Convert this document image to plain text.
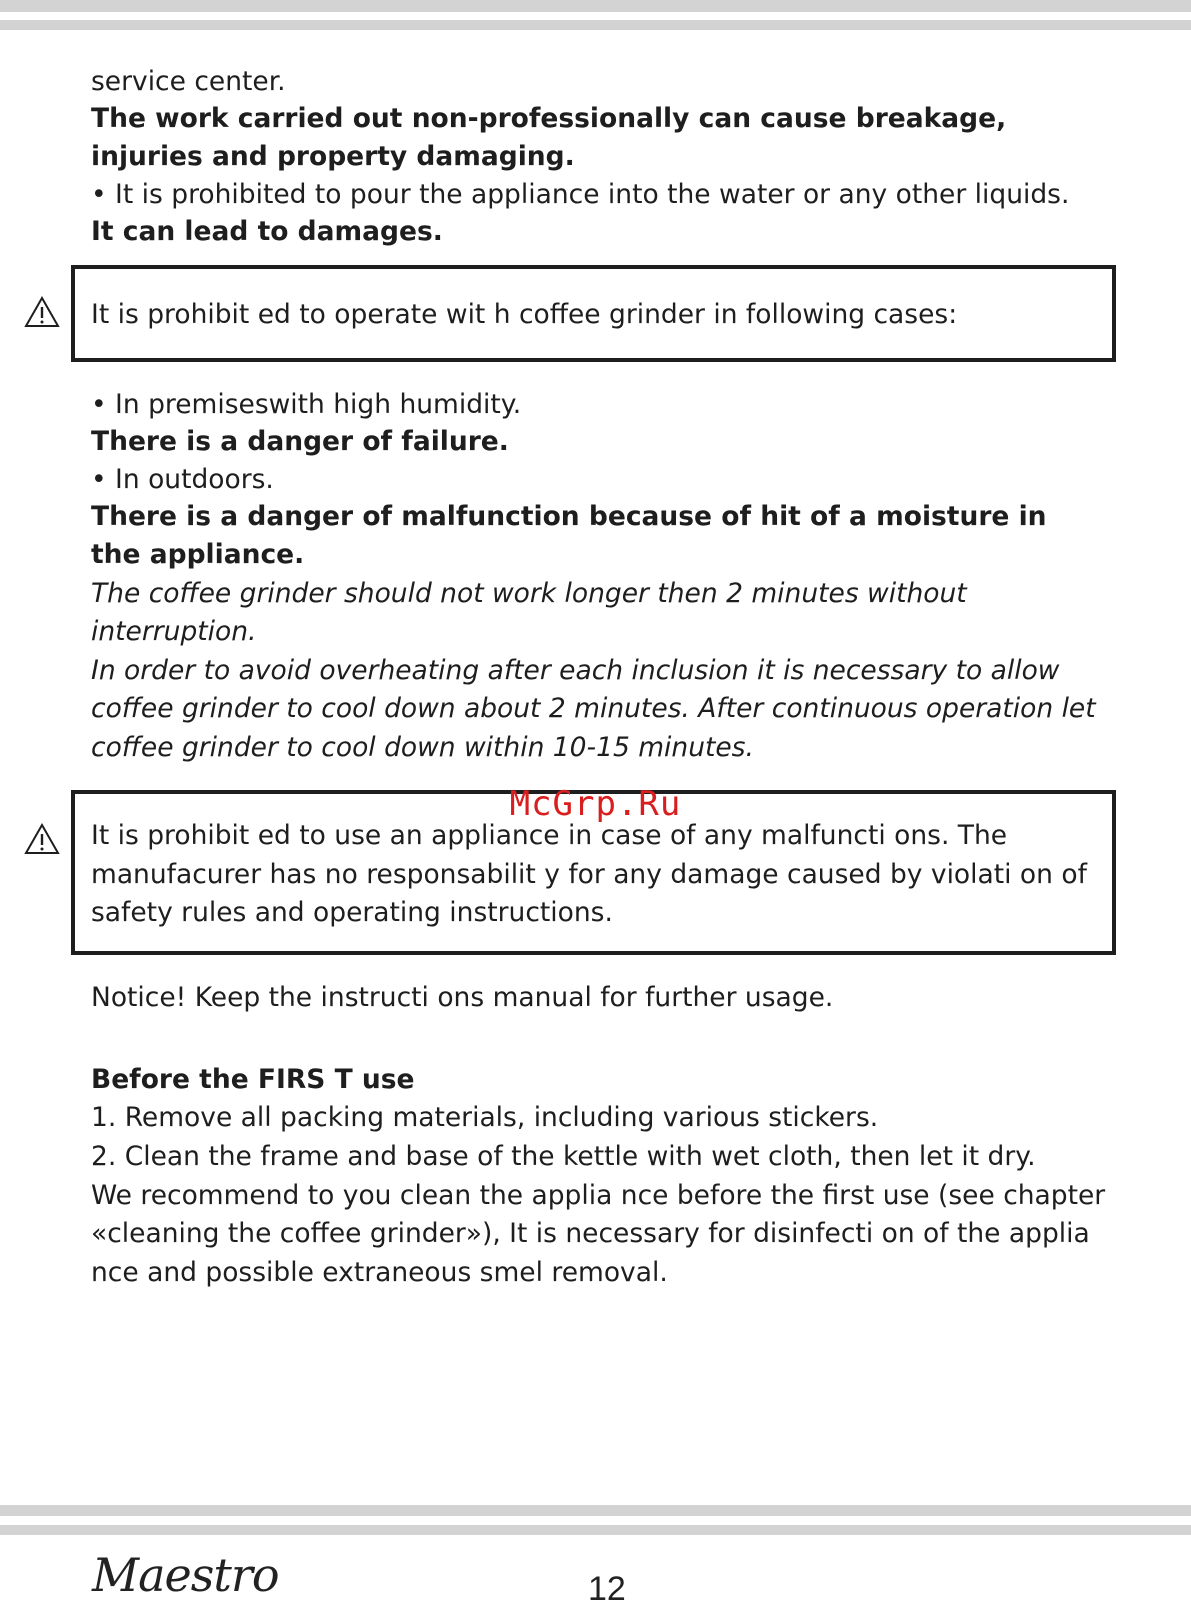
service center.

The work carried out non-professionally can cause breakage,

injuries and property damaging.

• It is prohibited to pour the appliance into the water or any other liquids.

It can lead to damages.

It is prohibit ed to operate wit h coffee grinder in following cases:

• In premiseswith high humidity.

There is a danger of failure.

• In outdoors.

There is a danger of malfunction because of hit of a moisture in

the appliance.

The coffee grinder should not work longer then 2 minutes without

interruption.

In order to avoid overheating after each inclusion it is necessary to allow

coffee grinder to cool down about 2 minutes. After continuous operation let

coffee grinder to cool down within 10-15 minutes.

It is prohibit ed to use an appliance in case of any malfuncti ons. The

manufacurer has no responsabilit y for any damage caused by violati on of

safety rules and operating instructions.

McGrp.Ru

Notice! Keep the instructi ons manual for further usage.

Before the FIRS T use

1. Remove all packing materials, including various stickers.

2. Clean the frame and base of the kettle with wet cloth, then let it dry.

We recommend to you clean the applia nce before the first use (see chapter

«cleaning the coffee grinder»), It is necessary for disinfecti on of the applia

nce and possible extraneous smel removal.

Maestro	12
